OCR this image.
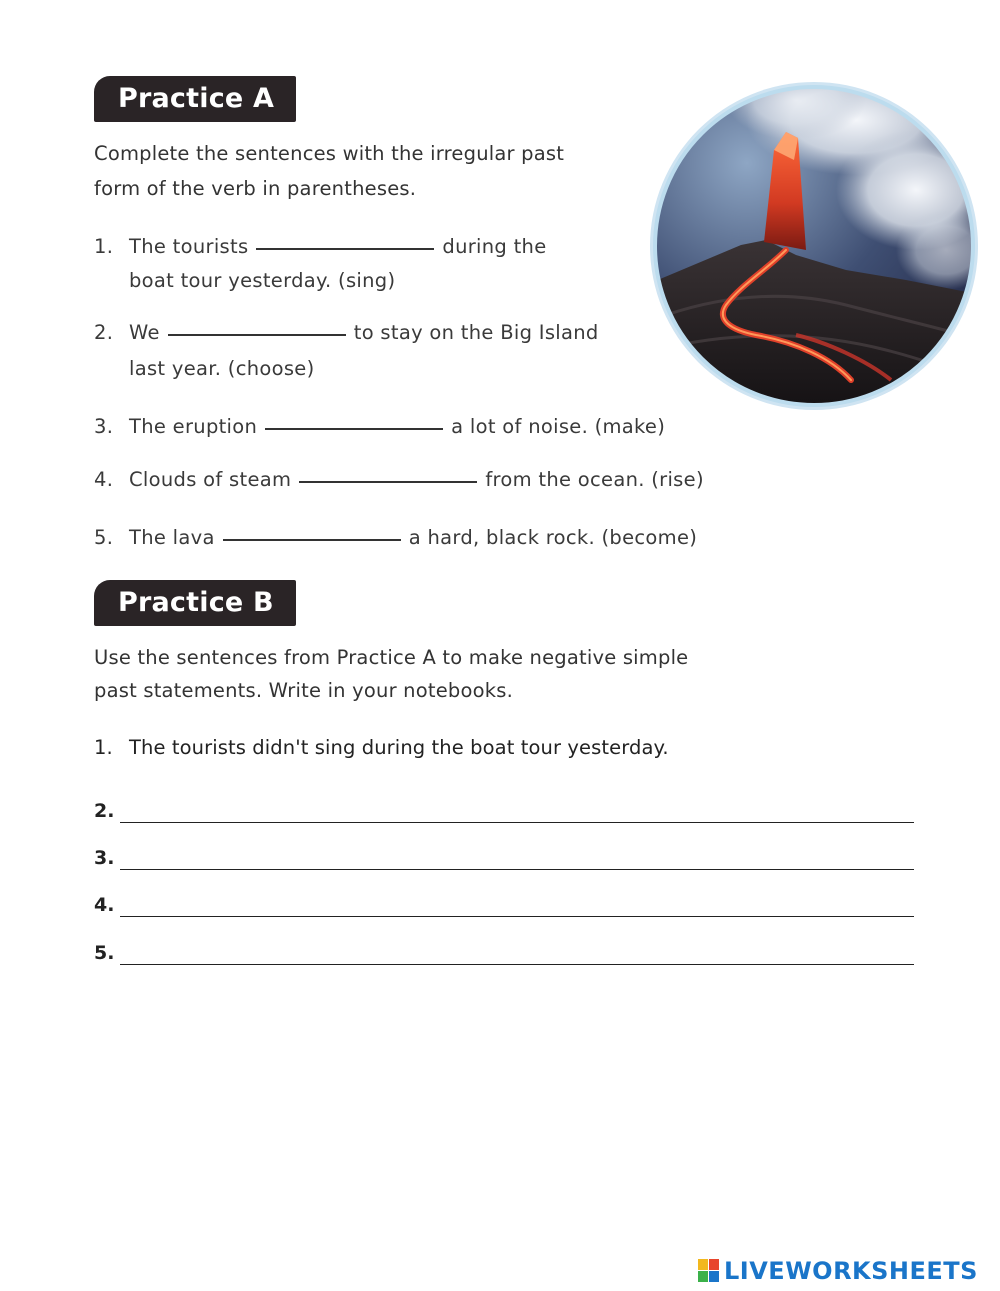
Practice A
Complete the sentences with the irregular past
form of the verb in parentheses.
1. The tourists	during the
boat tour yesterday. (sing)
2. We	to stay on the Big Island
last year. (choose)
3. The eruption	a lot of noise. (make)
4. Clouds of steam	from the ocean. (rise)
5. The lava	a hard, black rock. (become)
Practice B
Use the sentences from Practice A to make negative simple
past statements. Write in your notebooks.
1. The tourists didn't sing during the boat tour yesterday.
2.
3.
4.
5.
LIVEWORKSHEETS
